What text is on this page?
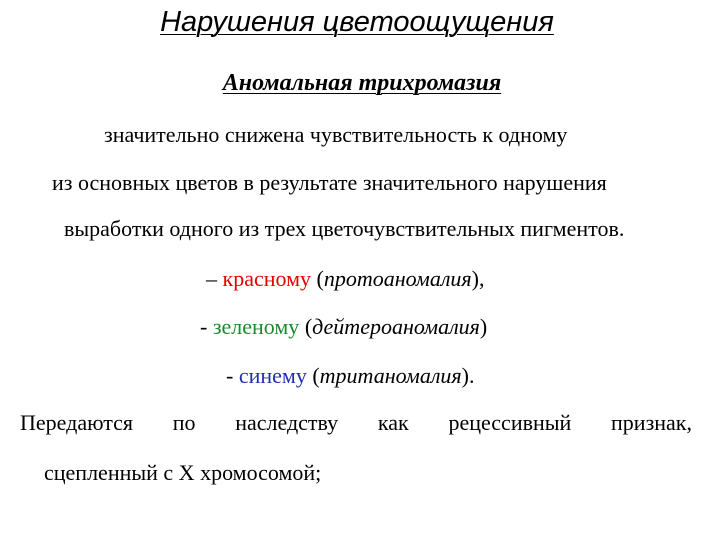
Нарушения цветоощущения
Аномальная трихромазия

значительно снижена чувствительность к одному

из основных цветов в результате значительного нарушения

выработки одного из трех цветочувствительных пигментов.

– красному (протоаномалия),

- зеленому (дейтероаномалия)

- синему (тританомалия).

Передаются по наследству как рецессивный признак,

сцепленный с Х хромосомой;
